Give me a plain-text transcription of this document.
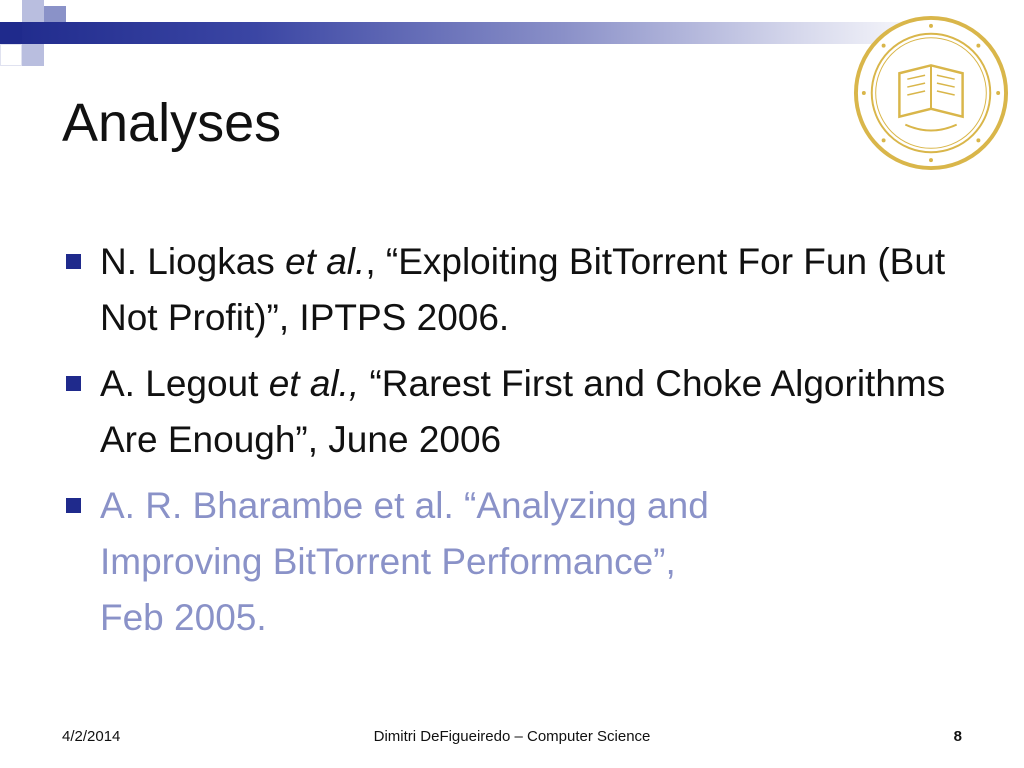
Analyses
N. Liogkas et al., “Exploiting BitTorrent For Fun (But Not Profit)”, IPTPS 2006.
A. Legout et al., “Rarest First and Choke Algorithms Are Enough”, June 2006
A. R. Bharambe et al. “Analyzing and
Improving BitTorrent Performance”,
Feb 2005.
4/2/2014	Dimitri DeFigueiredo – Computer Science	8
